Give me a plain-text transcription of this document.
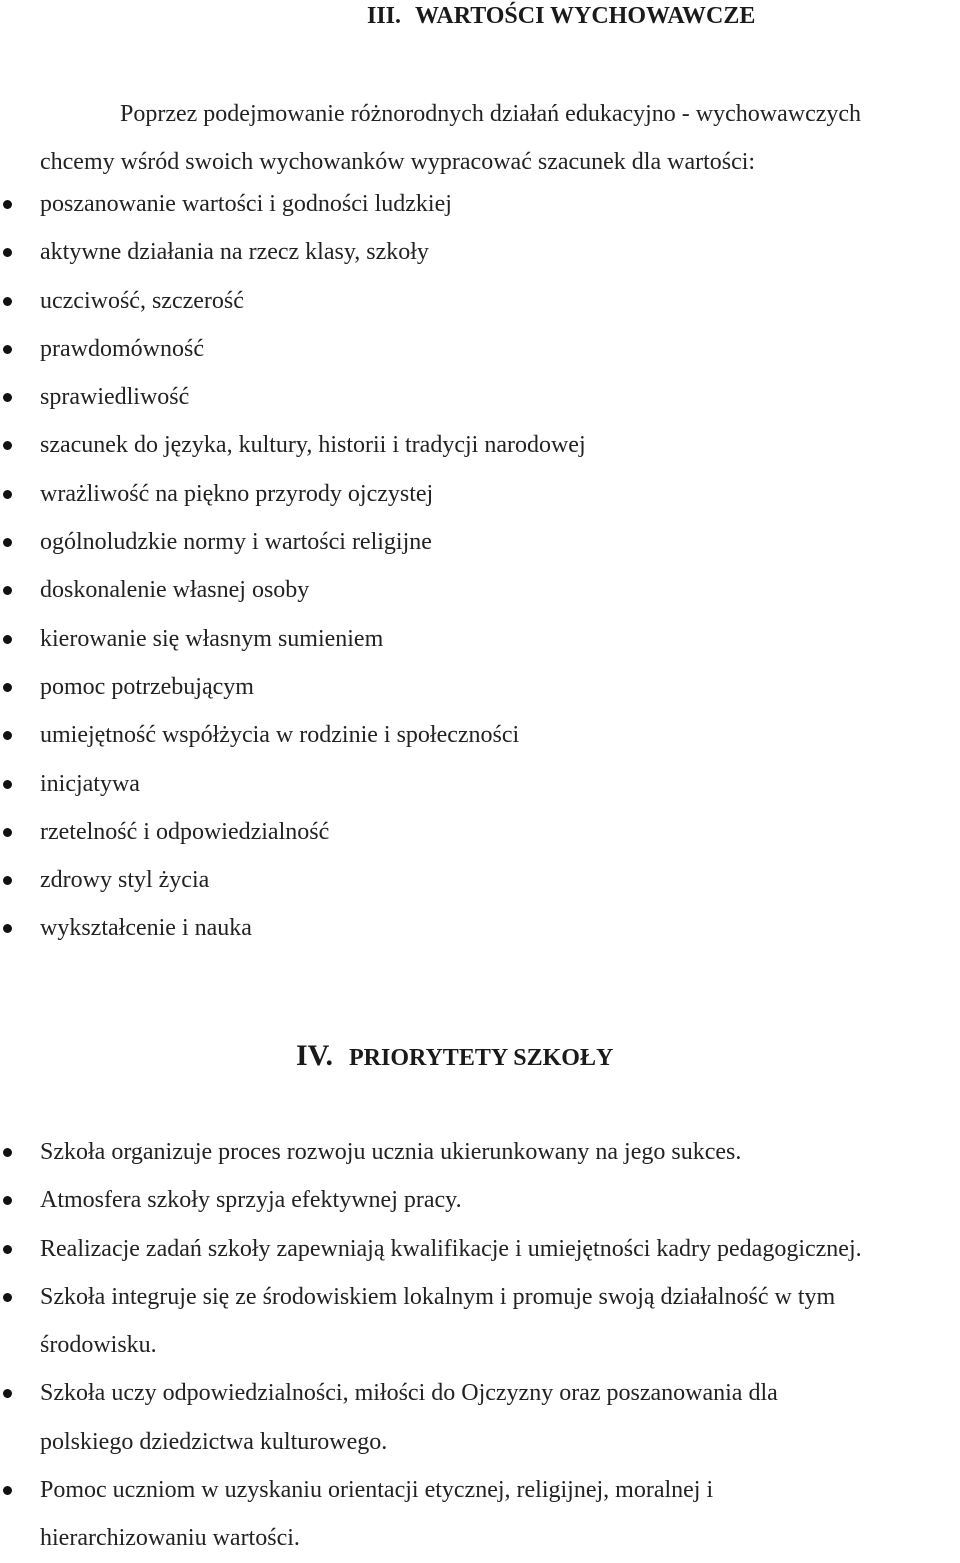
III. WARTOŚCI WYCHOWAWCZE
Poprzez podejmowanie różnorodnych działań edukacyjno - wychowawczych
chcemy wśród swoich wychowanków wypracować szacunek dla wartości:
poszanowanie wartości i godności ludzkiej
aktywne działania na rzecz klasy, szkoły
uczciwość, szczerość
prawdomówność
sprawiedliwość
szacunek do języka, kultury, historii i tradycji narodowej
wrażliwość na piękno przyrody ojczystej
ogólnoludzkie normy i wartości religijne
doskonalenie własnej osoby
kierowanie się własnym sumieniem
pomoc potrzebującym
umiejętność współżycia w rodzinie i społeczności
inicjatywa
rzetelność i odpowiedzialność
zdrowy styl życia
wykształcenie i nauka
IV. PRIORYTETY SZKOŁY
Szkoła organizuje proces rozwoju ucznia ukierunkowany na jego sukces.
Atmosfera szkoły sprzyja efektywnej pracy.
Realizacje zadań szkoły zapewniają kwalifikacje i umiejętności kadry pedagogicznej.
Szkoła integruje się ze środowiskiem lokalnym i promuje swoją działalność w tym
środowisku.
Szkoła uczy odpowiedzialności, miłości do Ojczyzny oraz poszanowania dla
polskiego dziedzictwa kulturowego.
Pomoc uczniom w uzyskaniu orientacji etycznej, religijnej, moralnej i
hierarchizowaniu wartości.
